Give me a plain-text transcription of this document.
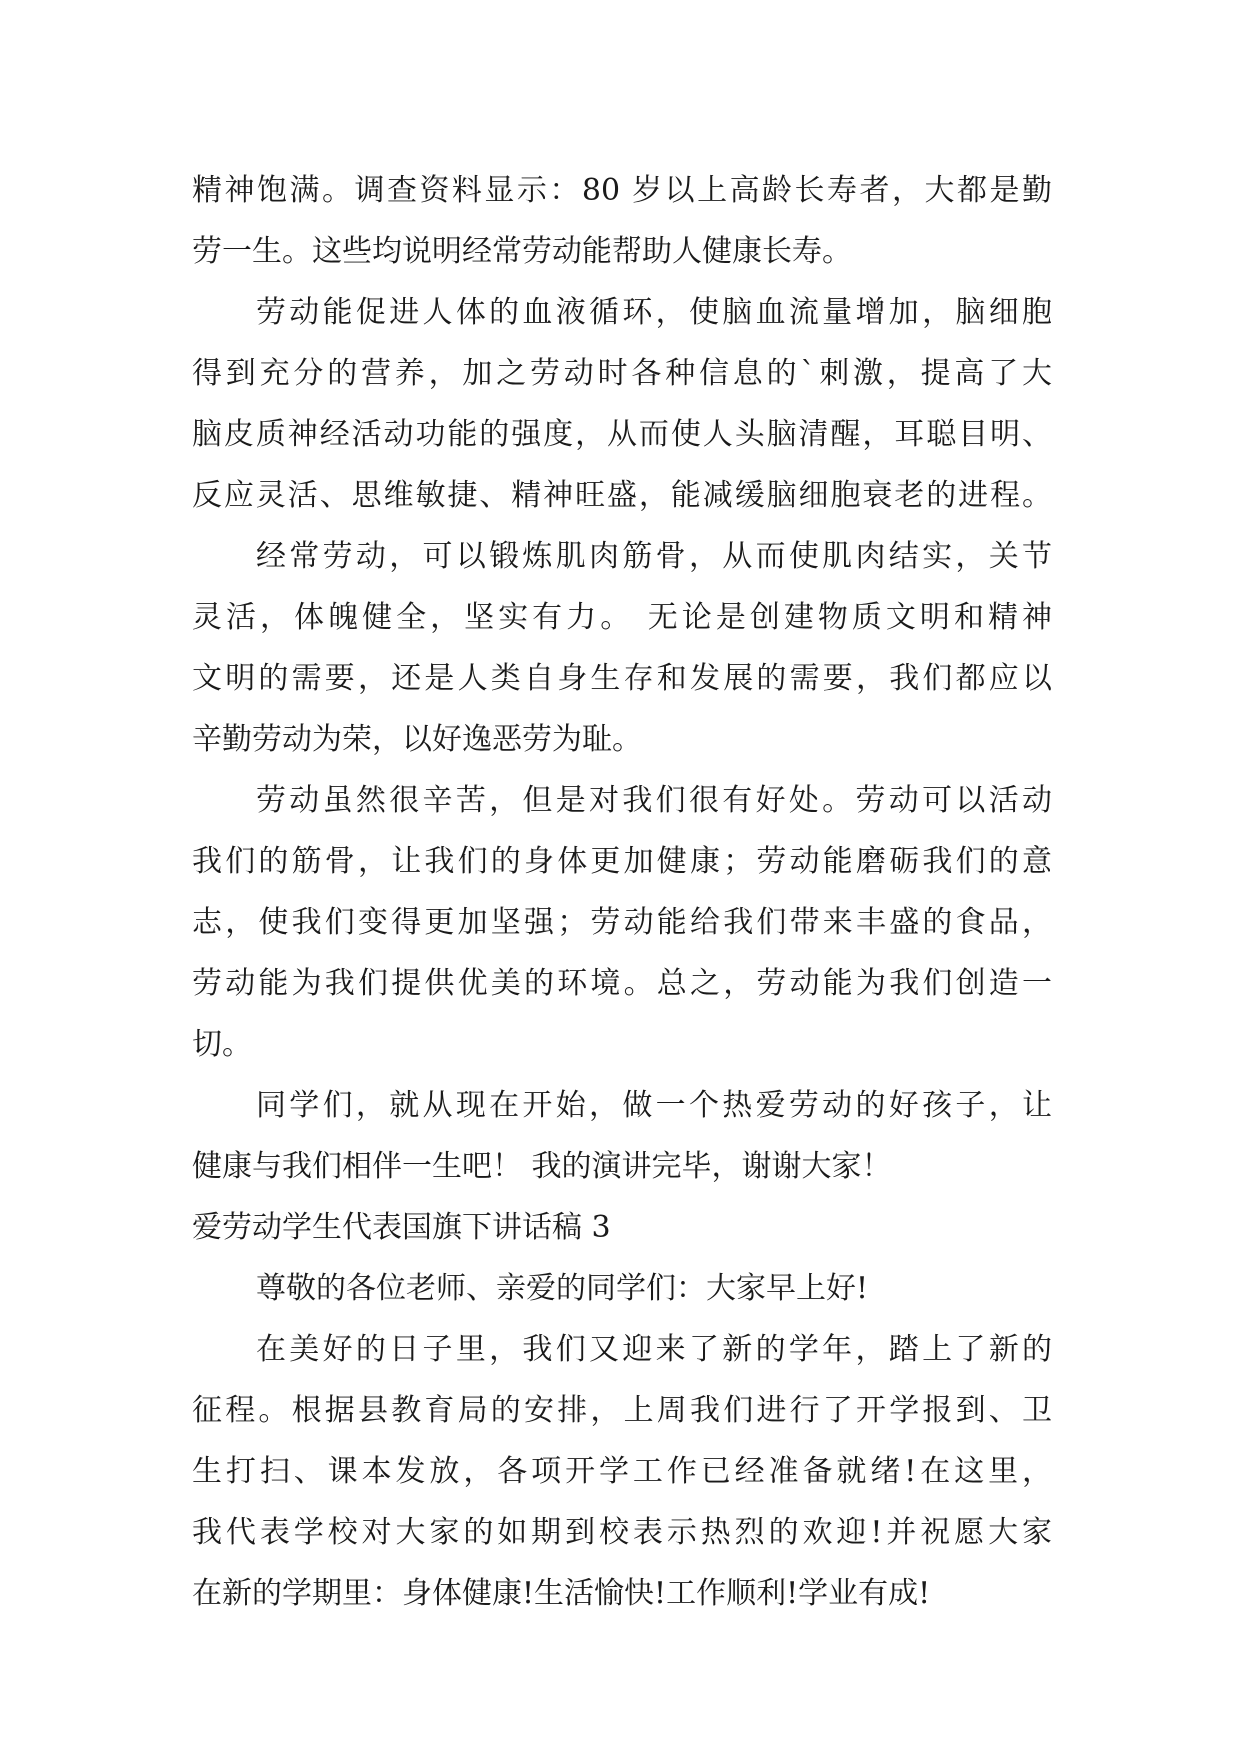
精神饱满。调查资料显示：80 岁以上高龄长寿者，大都是勤
劳一生。这些均说明经常劳动能帮助人健康长寿。
劳动能促进人体的血液循环，使脑血流量增加，脑细胞
得到充分的营养，加之劳动时各种信息的`刺激，提高了大
脑皮质神经活动功能的强度，从而使人头脑清醒，耳聪目明、
反应灵活、思维敏捷、精神旺盛，能减缓脑细胞衰老的进程。
经常劳动，可以锻炼肌肉筋骨，从而使肌肉结实，关节
灵活，体魄健全，坚实有力。 无论是创建物质文明和精神
文明的需要，还是人类自身生存和发展的需要，我们都应以
辛勤劳动为荣，以好逸恶劳为耻。
劳动虽然很辛苦，但是对我们很有好处。劳动可以活动
我们的筋骨，让我们的身体更加健康；劳动能磨砺我们的意
志，使我们变得更加坚强；劳动能给我们带来丰盛的食品，
劳动能为我们提供优美的环境。总之，劳动能为我们创造一
切。
同学们，就从现在开始，做一个热爱劳动的好孩子，让
健康与我们相伴一生吧！ 我的演讲完毕，谢谢大家！
爱劳动学生代表国旗下讲话稿 3
尊敬的各位老师、亲爱的同学们：大家早上好!
在美好的日子里，我们又迎来了新的学年，踏上了新的
征程。根据县教育局的安排，上周我们进行了开学报到、卫
生打扫、课本发放，各项开学工作已经准备就绪!在这里，
我代表学校对大家的如期到校表示热烈的欢迎!并祝愿大家
在新的学期里：身体健康!生活愉快!工作顺利!学业有成!
